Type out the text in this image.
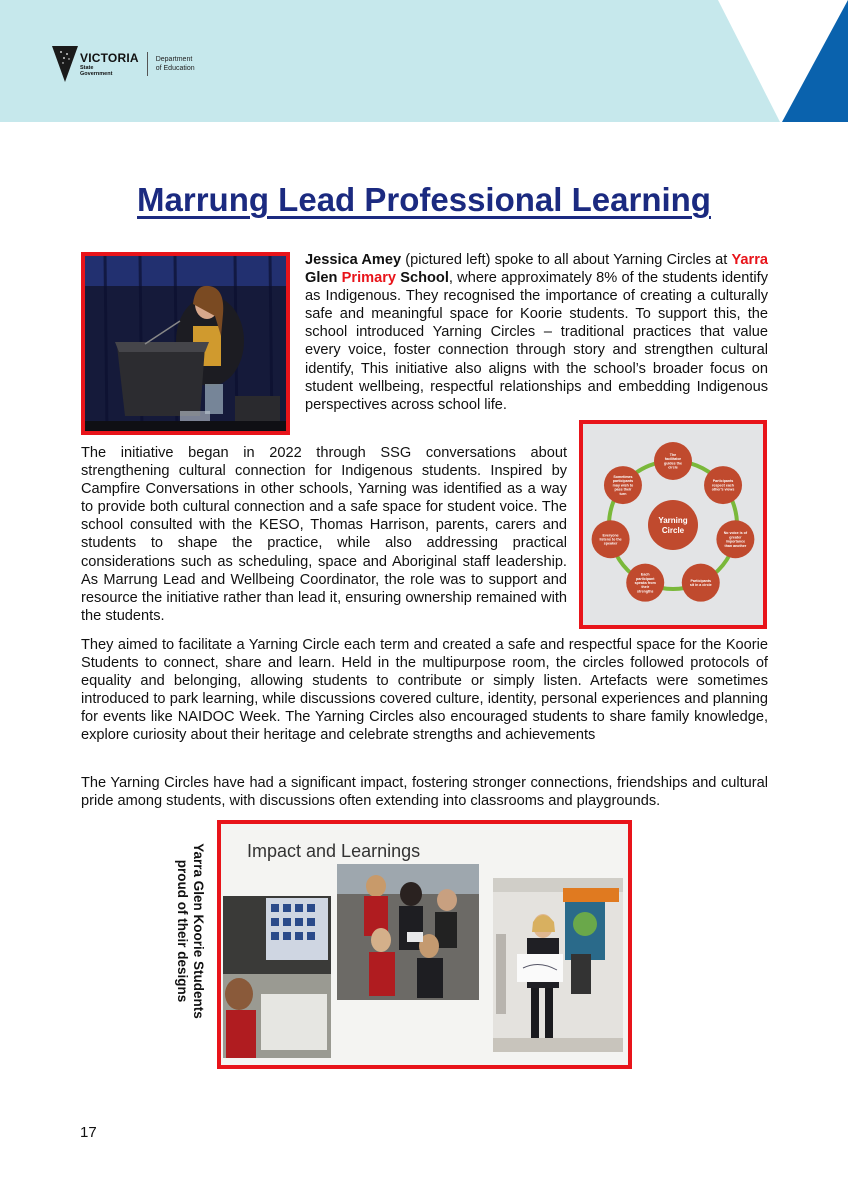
VICTORIA
State
Government
Department
of Education
Marrung Lead Professional Learning

Jessica Amey (pictured left) spoke to all about Yarning Circles at Yarra Glen Primary School, where approximately 8% of the students identify as Indigenous. They recognised the importance of creating a culturally safe and meaningful space for Koorie students. To support this, the school introduced Yarning Circles – traditional practices that value every voice, foster connection through story and strengthen cultural identify, This initiative also aligns with the school’s broader focus on student wellbeing, respectful relationships and embedding Indigenous perspectives across school life.

Yarning
Circle
The
facilitator
guides the
circle
Participants
respect each
other's views
No voice is of
greater
importance
than another
Participants
sit in a circle
Each
participant
speaks from
their
strengths
Everyone
listens to the
speaker
Sometimes
participants
may wish to
pass their
turn

The initiative began in 2022 through SSG conversations about strengthening cultural connection for Indigenous students. Inspired by Campfire Conversations in other schools, Yarning was identified as a way to provide both cultural connection and a safe space for student voice. The school consulted with the KESO, Thomas Harrison, parents, carers and students to shape the practice, while also addressing practical considerations such as scheduling, space and Aboriginal staff leadership. As Marrung Lead and Wellbeing Coordinator, the role was to support and resource the initiative rather than lead it, ensuring ownership remained with the students.

They aimed to facilitate a Yarning Circle each term and created a safe and respectful space for the Koorie Students to connect, share and learn. Held in the multipurpose room, the circles followed protocols of equality and belonging, allowing students to contribute or simply listen. Artefacts were sometimes introduced to park learning, while discussions covered culture, identity, personal experiences and planning for events like NAIDOC Week. The Yarning Circles also encouraged students to share family knowledge, explore curiosity about their heritage and celebrate strengths and achievements

The Yarning Circles have had a significant impact, fostering stronger connections, friendships and cultural pride among students, with discussions often extending into classrooms and playgrounds.

Yarra Glen Koorie Students
proud of their designs
Impact and Learnings
17
